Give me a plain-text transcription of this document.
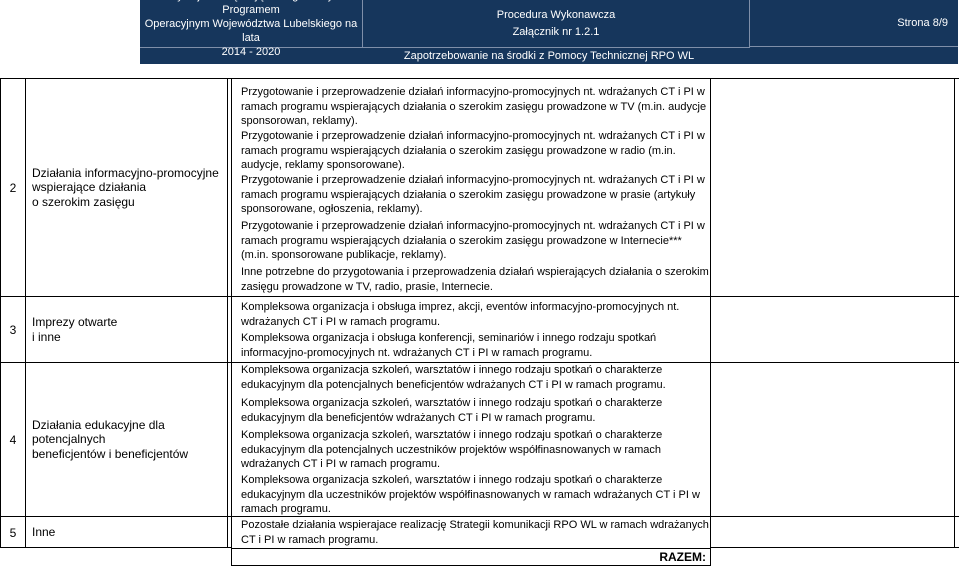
Programem
Operacyjnym Województwa Lubelskiego na lata
2014 - 2020
Procedura Wykonawcza
Załącznik nr 1.2.1
Strona 8/9
Zapotrzebowanie na środki z Pomocy Technicznej RPO WL
2
Działania informacyjno-promocyjne
wspierające działania
o szerokim zasięgu
Przygotowanie i przeprowadzenie działań informacyjno-promocyjnych nt. wdrażanych CT i PI w ramach programu wspierających działania o szerokim zasięgu prowadzone w TV (m.in. audycje sponsorowan, reklamy).
Przygotowanie i przeprowadzenie działań informacyjno-promocyjnych nt. wdrażanych CT i PI w ramach programu wspierających działania o szerokim zasięgu prowadzone w radio (m.in. audycje, reklamy sponsorowane).
Przygotowanie i przeprowadzenie działań informacyjno-promocyjnych nt. wdrażanych CT i PI w ramach programu wspierających działania o szerokim zasięgu prowadzone w prasie (artykuły sponsorowane, ogłoszenia, reklamy).
Przygotowanie i przeprowadzenie działań informacyjno-promocyjnych nt. wdrażanych CT i PI w ramach programu wspierających działania o szerokim zasięgu prowadzone w Internecie*** (m.in. sponsorowane publikacje, reklamy).
Inne potrzebne do przygotowania i przeprowadzenia działań wspierających działania o szerokim zasięgu prowadzone w TV, radio, prasie, Internecie.
3
Imprezy otwarte
i inne
Kompleksowa organizacja i obsługa imprez, akcji, eventów informacyjno-promocyjnych nt. wdrażanych CT i PI w ramach programu.
Kompleksowa organizacja i obsługa konferencji, seminariów i innego rodzaju spotkań informacyjno-promocyjnych nt. wdrażanych CT i PI w ramach programu.
4
Działania edukacyjne dla potencjalnych
beneficjentów i beneficjentów
Kompleksowa organizacja szkoleń, warsztatów i innego rodzaju spotkań o charakterze edukacyjnym dla potencjalnych beneficjentów wdrażanych CT i PI w ramach programu.
Kompleksowa organizacja szkoleń, warsztatów i innego rodzaju spotkań o charakterze edukacyjnym dla beneficjentów wdrażanych CT i PI w ramach programu.
Kompleksowa organizacja szkoleń, warsztatów i innego rodzaju spotkań o charakterze edukacyjnym dla potencjalnych uczestników projektów współfinasnowanych w ramach wdrażanych CT i PI w ramach programu.
Kompleksowa organizacja szkoleń, warsztatów i innego rodzaju spotkań o charakterze edukacyjnym dla uczestników projektów współfinasnowanych w ramach wdrażanych CT i PI w ramach programu.
5	Inne
Pozostałe działania wspierajace realizację Strategii komunikacji RPO WL w ramach wdrażanych CT i PI w ramach programu.
RAZEM:
